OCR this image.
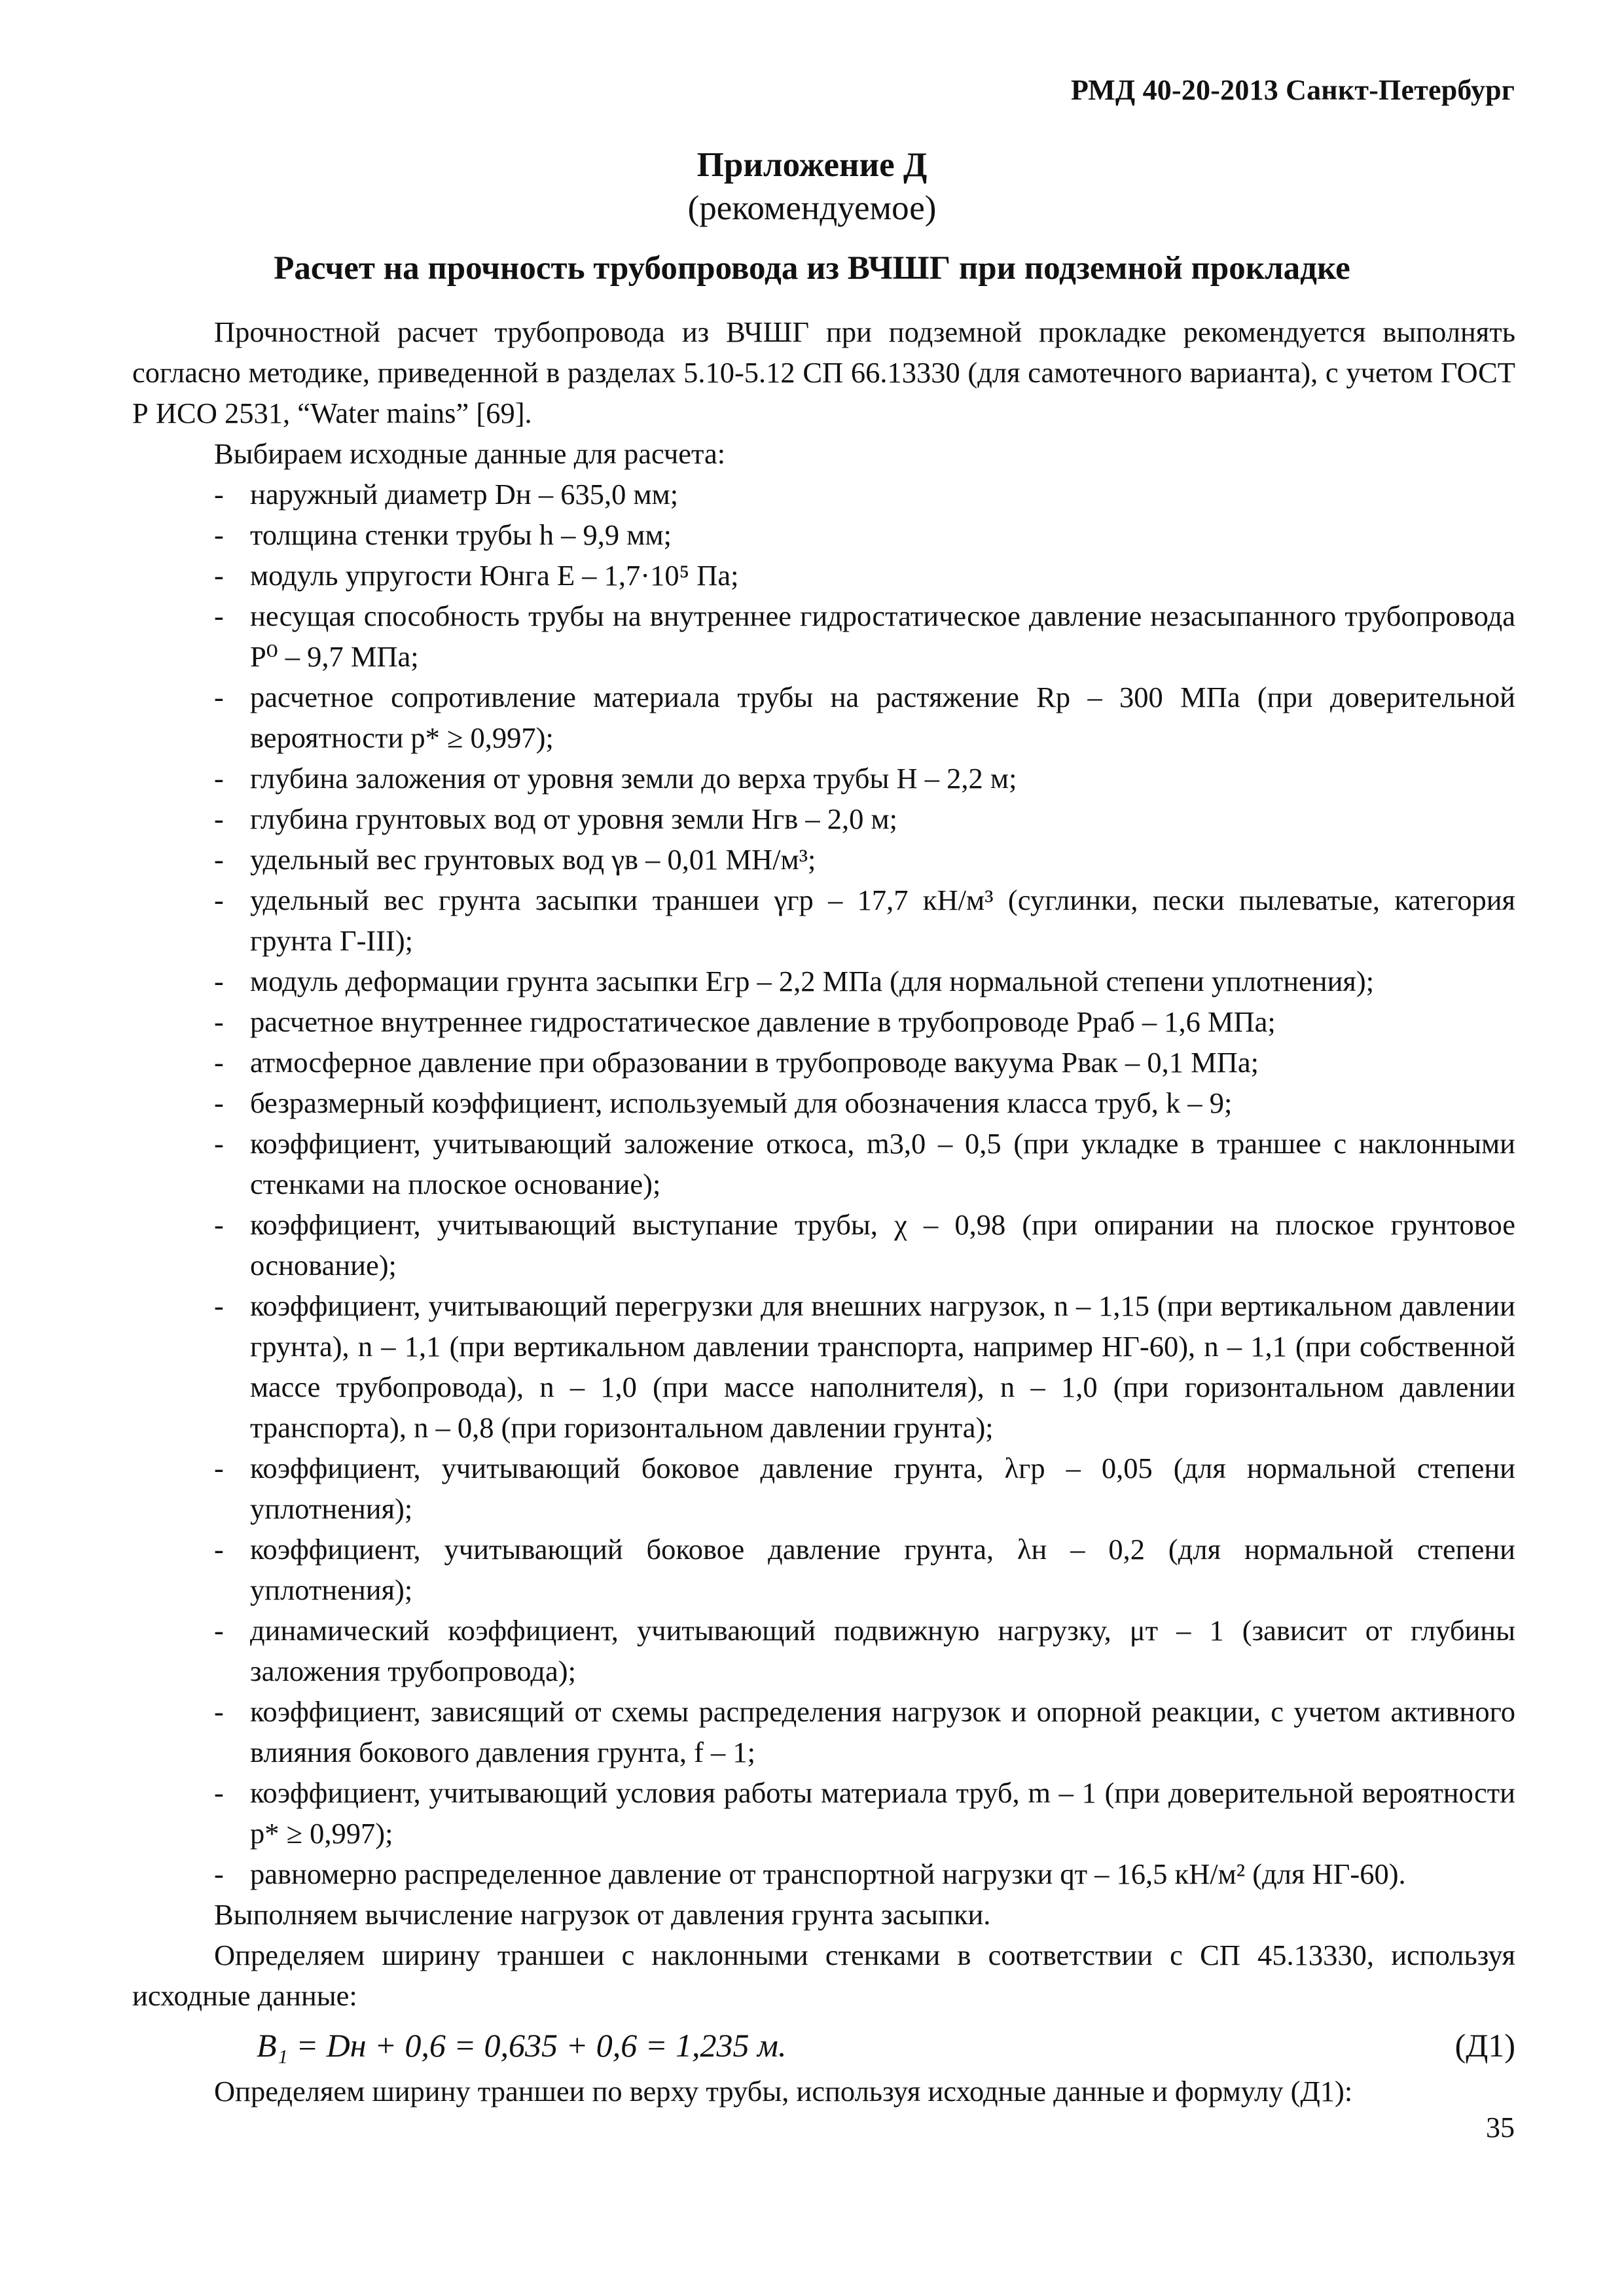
РМД 40-20-2013 Санкт-Петербург
Приложение Д
(рекомендуемое)
Расчет на прочность трубопровода из ВЧШГ при подземной прокладке

Прочностной расчет трубопровода из ВЧШГ при подземной прокладке рекомендуется выполнять согласно методике, приведенной в разделах 5.10-5.12 СП 66.13330 (для самотечного варианта), с учетом ГОСТ Р ИСО 2531, “Water mains” [69].

Выбираем исходные данные для расчета:

- наружный диаметр Dн – 635,0 мм;
- толщина стенки трубы h – 9,9 мм;
- модуль упругости Юнга E – 1,7·10⁵ Па;
- несущая способность трубы на внутреннее гидростатическое давление незасыпанного трубопровода P⁰ – 9,7 МПа;
- расчетное сопротивление материала трубы на растяжение Rр – 300 МПа (при доверительной вероятности p* ≥ 0,997);
- глубина заложения от уровня земли до верха трубы H – 2,2 м;
- глубина грунтовых вод от уровня земли Hгв – 2,0 м;
- удельный вес грунтовых вод γв – 0,01 МН/м³;
- удельный вес грунта засыпки траншеи γгр – 17,7 кН/м³ (суглинки, пески пылеватые, категория грунта Г-III);
- модуль деформации грунта засыпки Eгр – 2,2 МПа (для нормальной степени уплотнения);
- расчетное внутреннее гидростатическое давление в трубопроводе Pраб – 1,6 МПа;
- атмосферное давление при образовании в трубопроводе вакуума Pвак – 0,1 МПа;
- безразмерный коэффициент, используемый для обозначения класса труб, k – 9;
- коэффициент, учитывающий заложение откоса, m3,0 – 0,5 (при укладке в траншее с наклонными стенками на плоское основание);
- коэффициент, учитывающий выступание трубы, χ – 0,98 (при опирании на плоское грунтовое основание);
- коэффициент, учитывающий перегрузки для внешних нагрузок, n – 1,15 (при вертикальном давлении грунта), n – 1,1 (при вертикальном давлении транспорта, например НГ-60), n – 1,1 (при собственной массе трубопровода), n – 1,0 (при массе наполнителя), n – 1,0 (при горизонтальном давлении транспорта), n – 0,8 (при горизонтальном давлении грунта);
- коэффициент, учитывающий боковое давление грунта, λгр – 0,05 (для нормальной степени уплотнения);
- коэффициент, учитывающий боковое давление грунта, λн – 0,2 (для нормальной степени уплотнения);
- динамический коэффициент, учитывающий подвижную нагрузку, μт – 1 (зависит от глубины заложения трубопровода);
- коэффициент, зависящий от схемы распределения нагрузок и опорной реакции, с учетом активного влияния бокового давления грунта, f – 1;
- коэффициент, учитывающий условия работы материала труб, m – 1 (при доверительной вероятности p* ≥ 0,997);
- равномерно распределенное давление от транспортной нагрузки qт – 16,5 кН/м² (для НГ-60).

Выполняем вычисление нагрузок от давления грунта засыпки.

Определяем ширину траншеи с наклонными стенками в соответствии с СП 45.13330, используя исходные данные:

B₁ = Dн + 0,6 = 0,635 + 0,6 = 1,235 м.	(Д1)

Определяем ширину траншеи по верху трубы, используя исходные данные и формулу (Д1):

35
